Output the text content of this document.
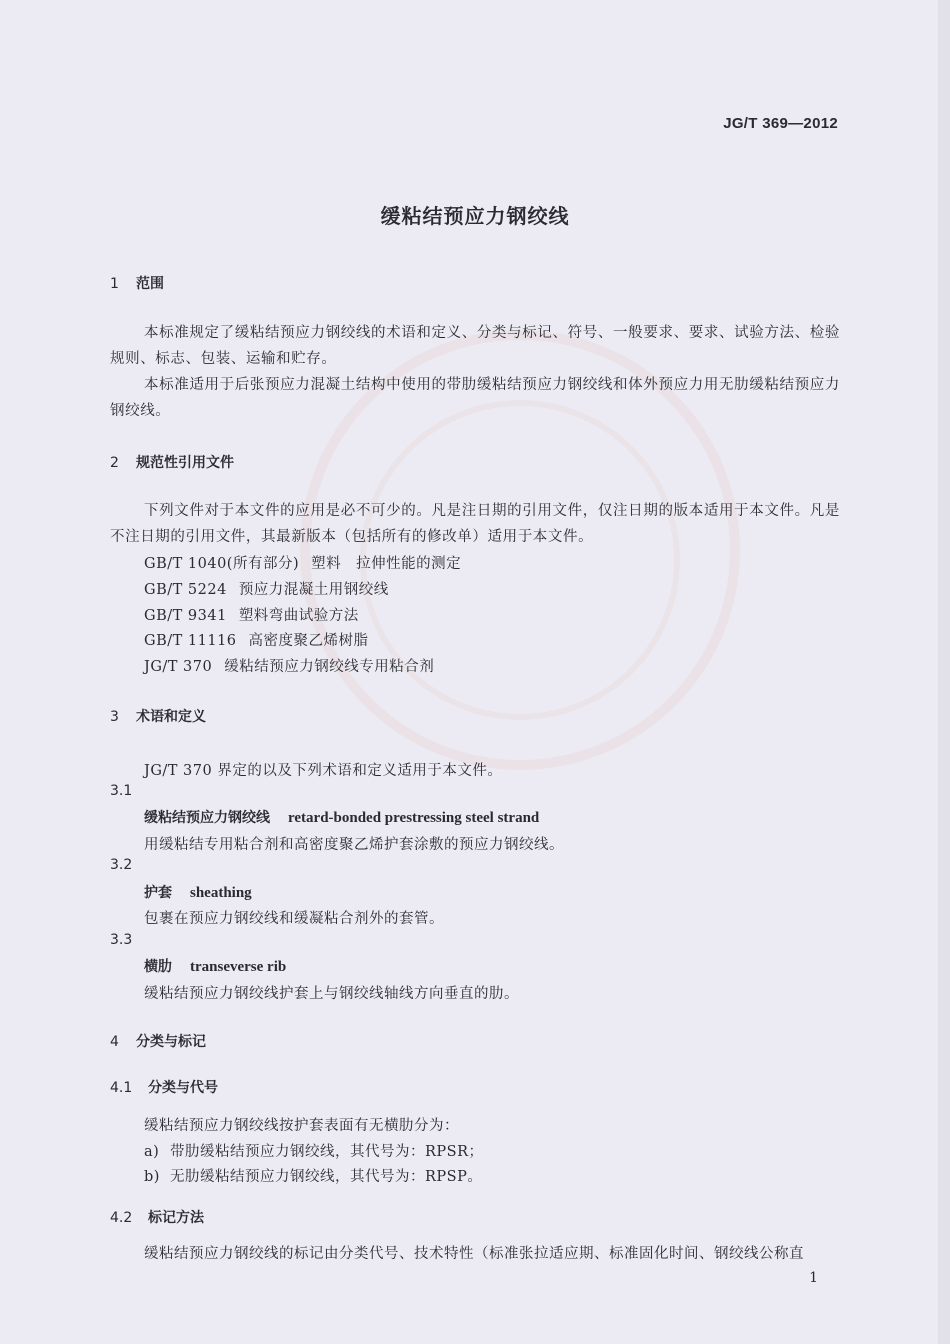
JG/T 369—2012
缓粘结预应力钢绞线
1 范围
本标准规定了缓粘结预应力钢绞线的术语和定义、分类与标记、符号、一般要求、要求、试验方法、检验规则、标志、包装、运输和贮存。
本标准适用于后张预应力混凝土结构中使用的带肋缓粘结预应力钢绞线和体外预应力用无肋缓粘结预应力钢绞线。
2 规范性引用文件
下列文件对于本文件的应用是必不可少的。凡是注日期的引用文件，仅注日期的版本适用于本文件。凡是不注日期的引用文件，其最新版本（包括所有的修改单）适用于本文件。
GB/T 1040(所有部分) 塑料　拉伸性能的测定
GB/T 5224 预应力混凝土用钢绞线
GB/T 9341 塑料弯曲试验方法
GB/T 11116 高密度聚乙烯树脂
JG/T 370 缓粘结预应力钢绞线专用粘合剂
3 术语和定义
JG/T 370 界定的以及下列术语和定义适用于本文件。
3.1
缓粘结预应力钢绞线 retard-bonded prestressing steel strand
用缓粘结专用粘合剂和高密度聚乙烯护套涂敷的预应力钢绞线。
3.2
护套 sheathing
包裹在预应力钢绞线和缓凝粘合剂外的套管。
3.3
横肋 transeverse rib
缓粘结预应力钢绞线护套上与钢绞线轴线方向垂直的肋。
4 分类与标记
4.1 分类与代号
缓粘结预应力钢绞线按护套表面有无横肋分为：
a) 带肋缓粘结预应力钢绞线，其代号为：RPSR；
b) 无肋缓粘结预应力钢绞线，其代号为：RPSP。
4.2 标记方法
缓粘结预应力钢绞线的标记由分类代号、技术特性（标准张拉适应期、标准固化时间、钢绞线公称直
1
